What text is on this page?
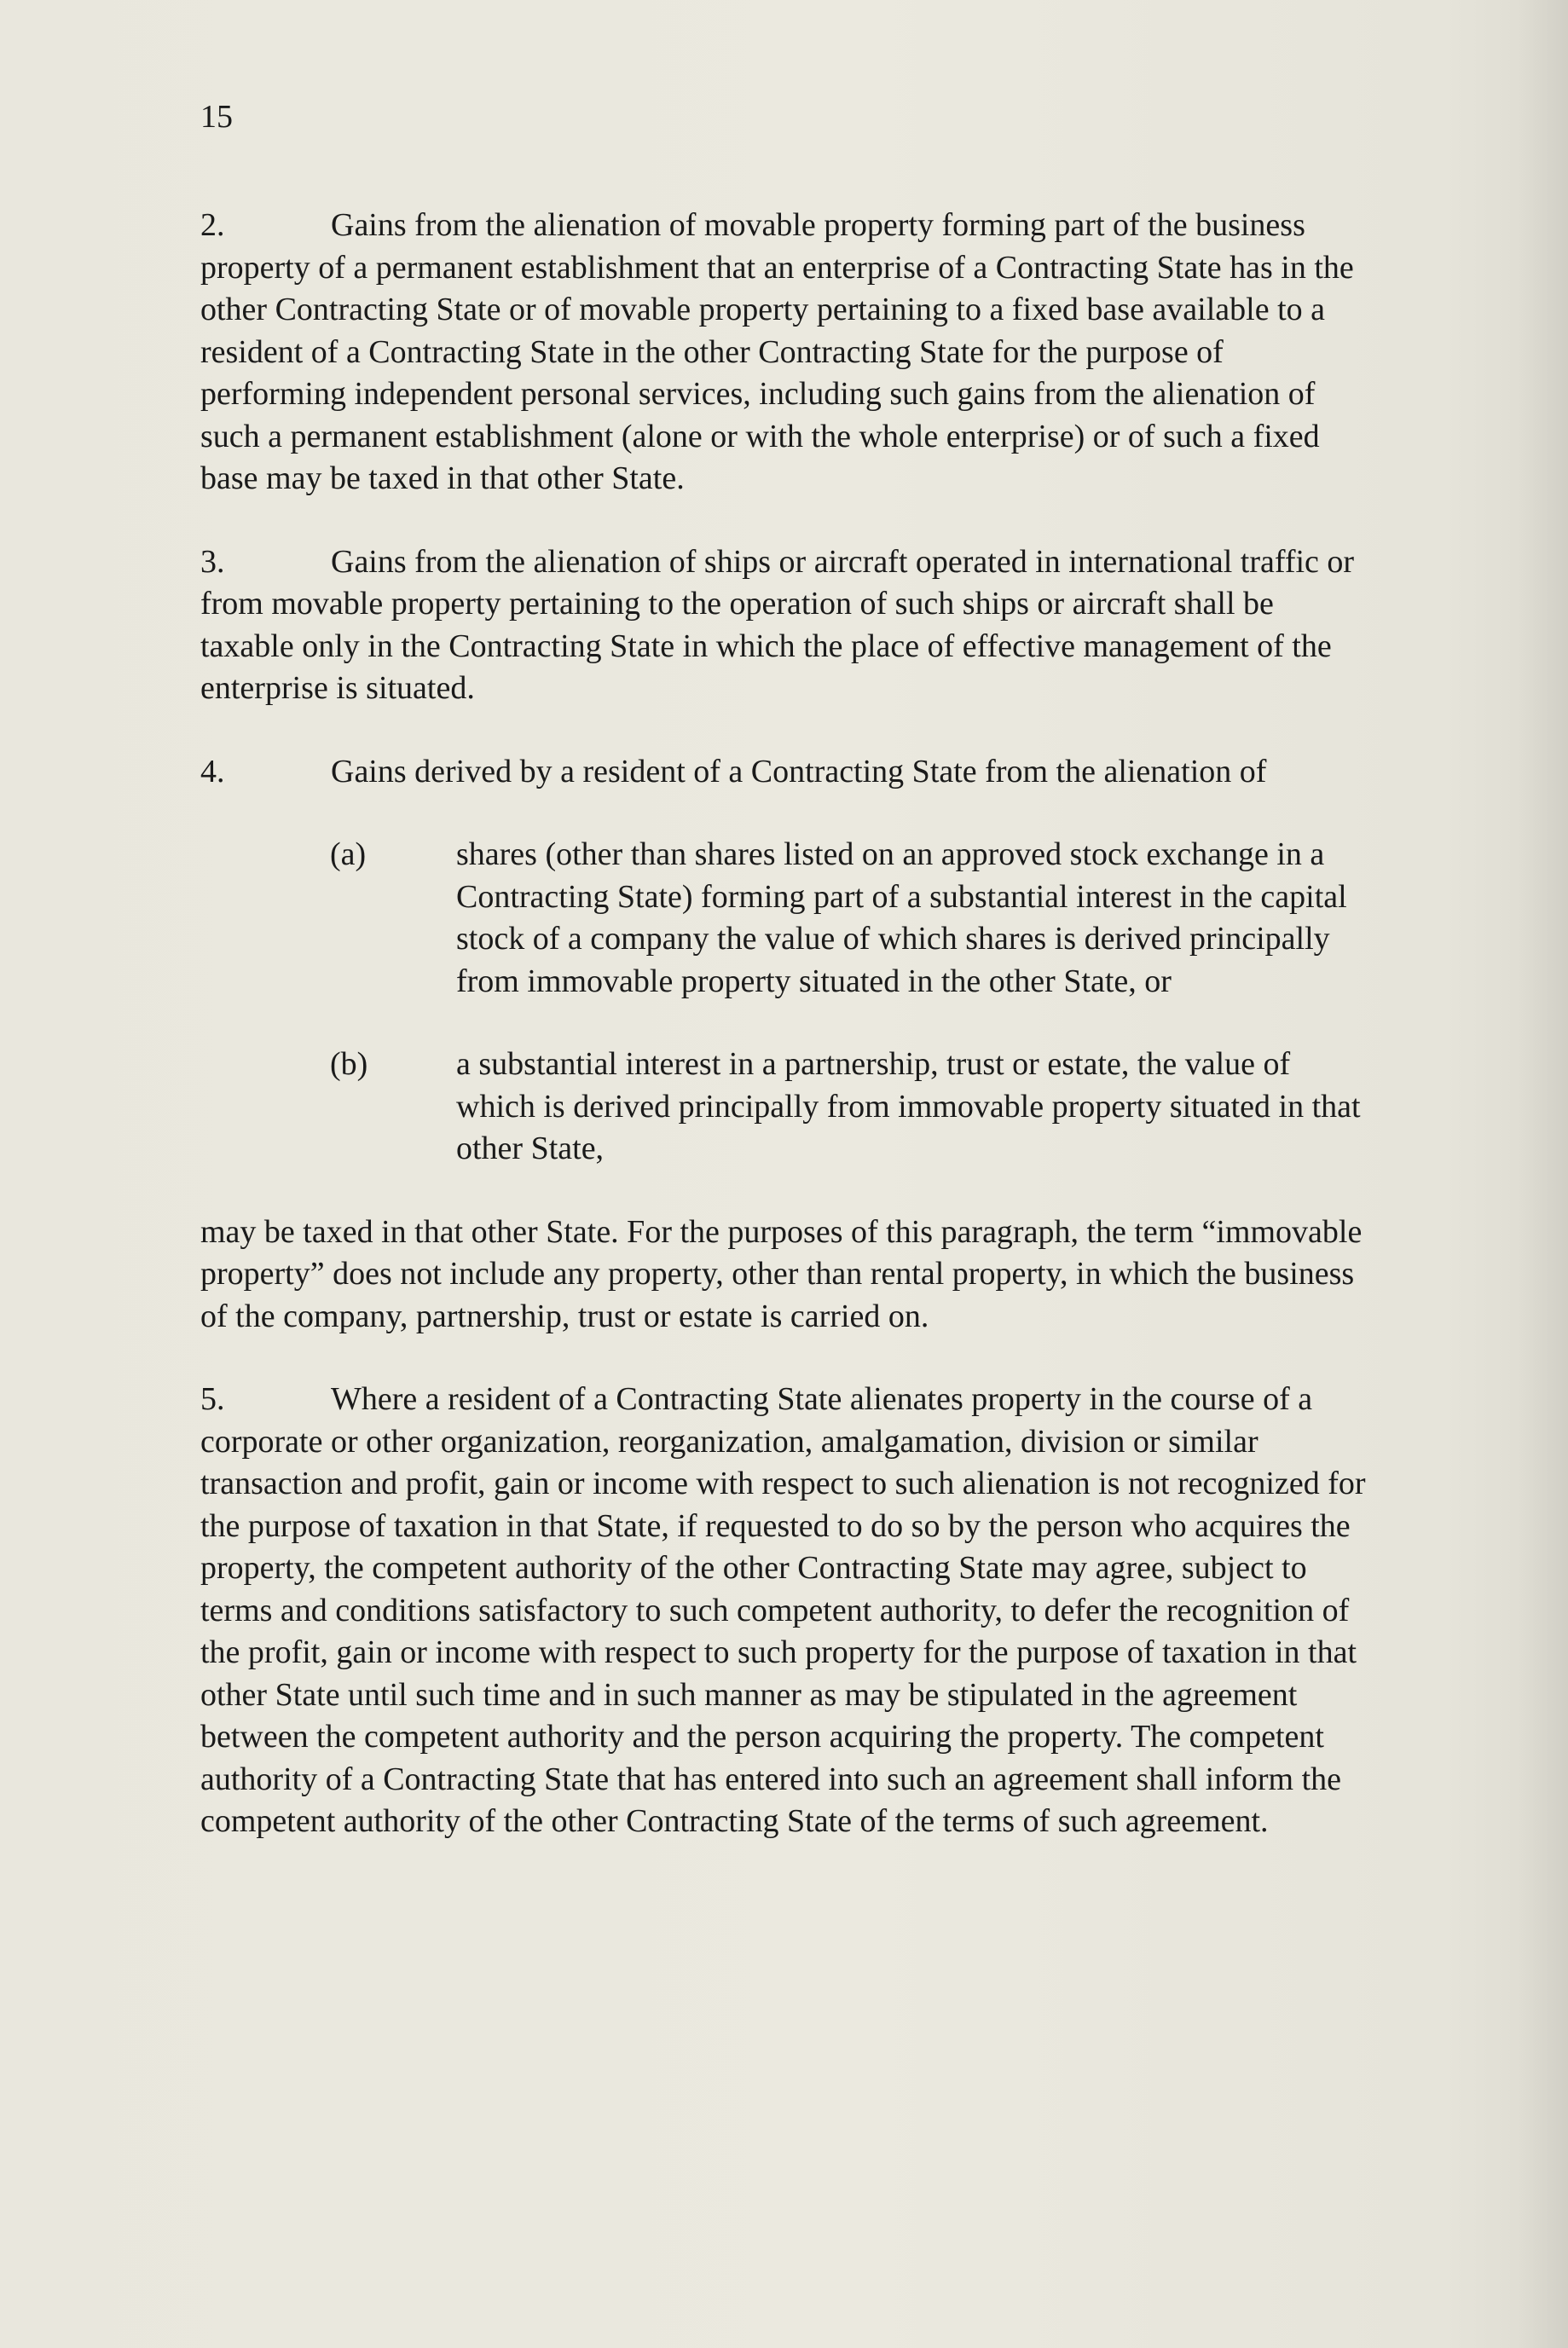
15

2.	Gains from the alienation of movable property forming part of the business property of a permanent establishment that an enterprise of a Contracting State has in the other Contracting State or of movable property pertaining to a fixed base available to a resident of a Contracting State in the other Contracting State for the purpose of performing independent personal services, including such gains from the alienation of such a permanent establishment (alone or with the whole enterprise) or of such a fixed base may be taxed in that other State.

3.	Gains from the alienation of ships or aircraft operated in international traffic or from movable property pertaining to the operation of such ships or aircraft shall be taxable only in the Contracting State in which the place of effective management of the enterprise is situated.

4.	Gains derived by a resident of a Contracting State from the alienation of

(a)	shares (other than shares listed on an approved stock exchange in a Contracting State) forming part of a substantial interest in the capital stock of a company the value of which shares is derived principally from immovable property situated in the other State, or
(b)	a substantial interest in a partnership, trust or estate, the value of which is derived principally from immovable property situated in that other State,

may be taxed in that other State. For the purposes of this paragraph, the term “immovable property” does not include any property, other than rental property, in which the business of the company, partnership, trust or estate is carried on.

5.	Where a resident of a Contracting State alienates property in the course of a corporate or other organization, reorganization, amalgamation, division or similar transaction and profit, gain or income with respect to such alienation is not recognized for the purpose of taxation in that State, if requested to do so by the person who acquires the property, the competent authority of the other Contracting State may agree, subject to terms and conditions satisfactory to such competent authority, to defer the recognition of the profit, gain or income with respect to such property for the purpose of taxation in that other State until such time and in such manner as may be stipulated in the agreement between the competent authority and the person acquiring the property. The competent authority of a Contracting State that has entered into such an agreement shall inform the competent authority of the other Contracting State of the terms of such agreement.
